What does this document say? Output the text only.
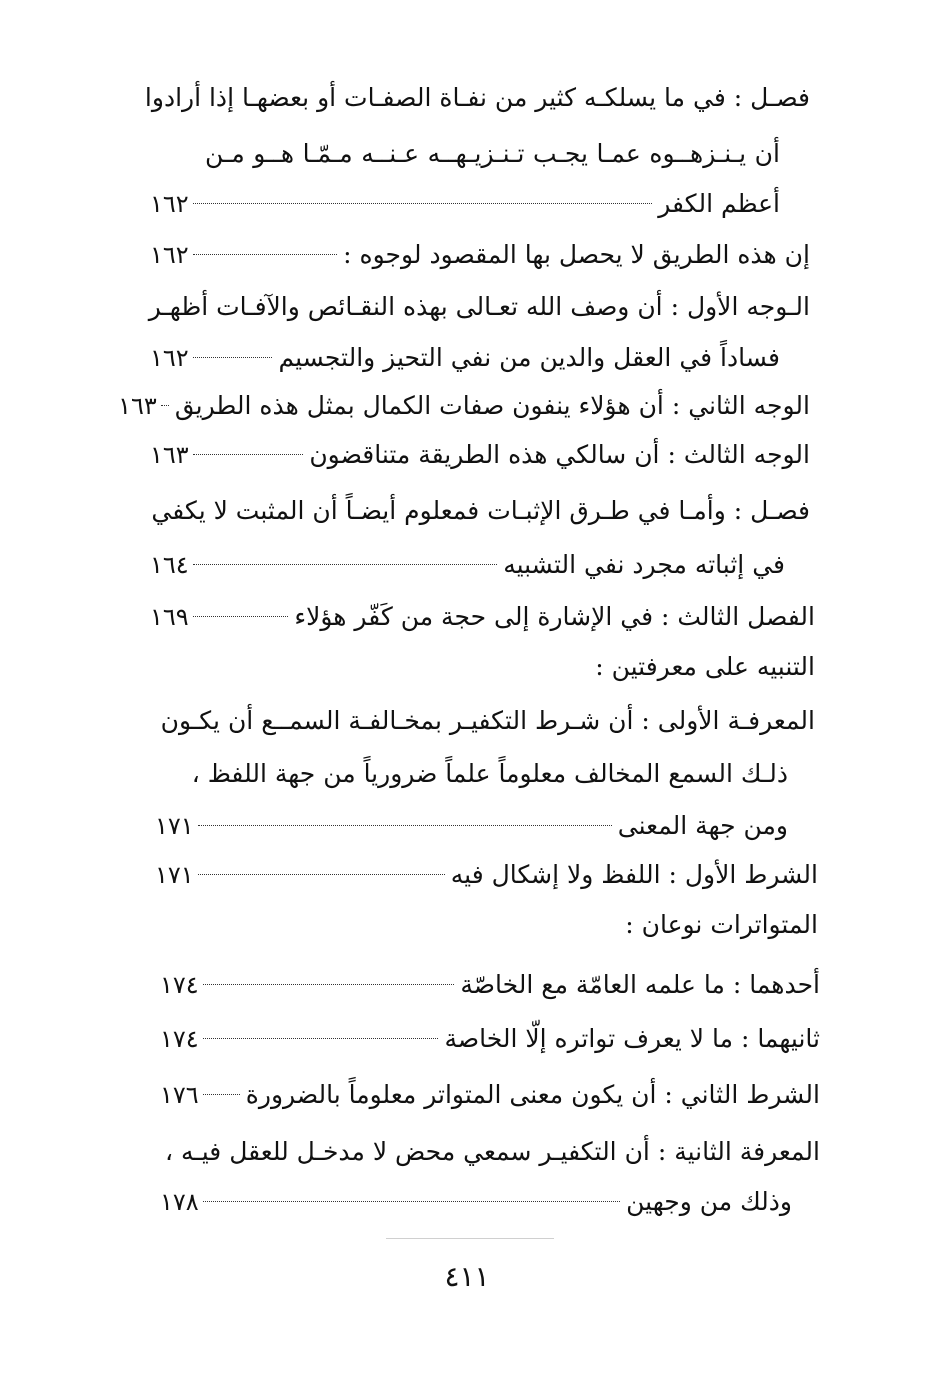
فصـل : في ما يسلكـه كثير من نفـاة الصفـات أو بعضهـا إذا أرادوا
أن يـنـزهــوه عمـا يجـب تـنـزيـهــه عـنــه مـمّـا هــو مـن
أعظم الكفر
١٦٢
إن هذه الطريق لا يحصل بها المقصود لوجوه :
١٦٢
الـوجه الأول : أن وصف الله تعـالى بهذه النقـائص والآفـات أظهـر
فساداً في العقل والدين من نفي التحيز والتجسيم
١٦٢
الوجه الثاني : أن هؤلاء ينفون صفات الكمال بمثل هذه الطريق
١٦٣
الوجه الثالث : أن سالكي هذه الطريقة متناقضون
١٦٣
فصـل : وأمـا في طـرق الإثبـات فمعلوم أيضـاً أن المثبت لا يكفي
في إثباته مجرد نفي التشبيه
١٦٤
الفصل الثالث : في الإشارة إلى حجة من كَفّر هؤلاء
١٦٩
التنبيه على معرفتين :
المعرفـة الأولى : أن شـرط التكفيـر بمخـالفـة السمــع أن يكـون
ذلـك السمع المخالف معلوماً علماً ضرورياً من جهة اللفظ ،
ومن جهة المعنى
١٧١
الشرط الأول : اللفظ ولا إشكال فيه
١٧١
المتواترات نوعان :
أحدهما : ما علمه العامّة مع الخاصّة
١٧٤
ثانيهما : ما لا يعرف تواتره إلّا الخاصة
١٧٤
الشرط الثاني : أن يكون معنى المتواتر معلوماً بالضرورة
١٧٦
المعرفة الثانية : أن التكفيـر سمعي محض لا مدخـل للعقل فيـه ،
وذلك من وجهين
١٧٨
٤١١
